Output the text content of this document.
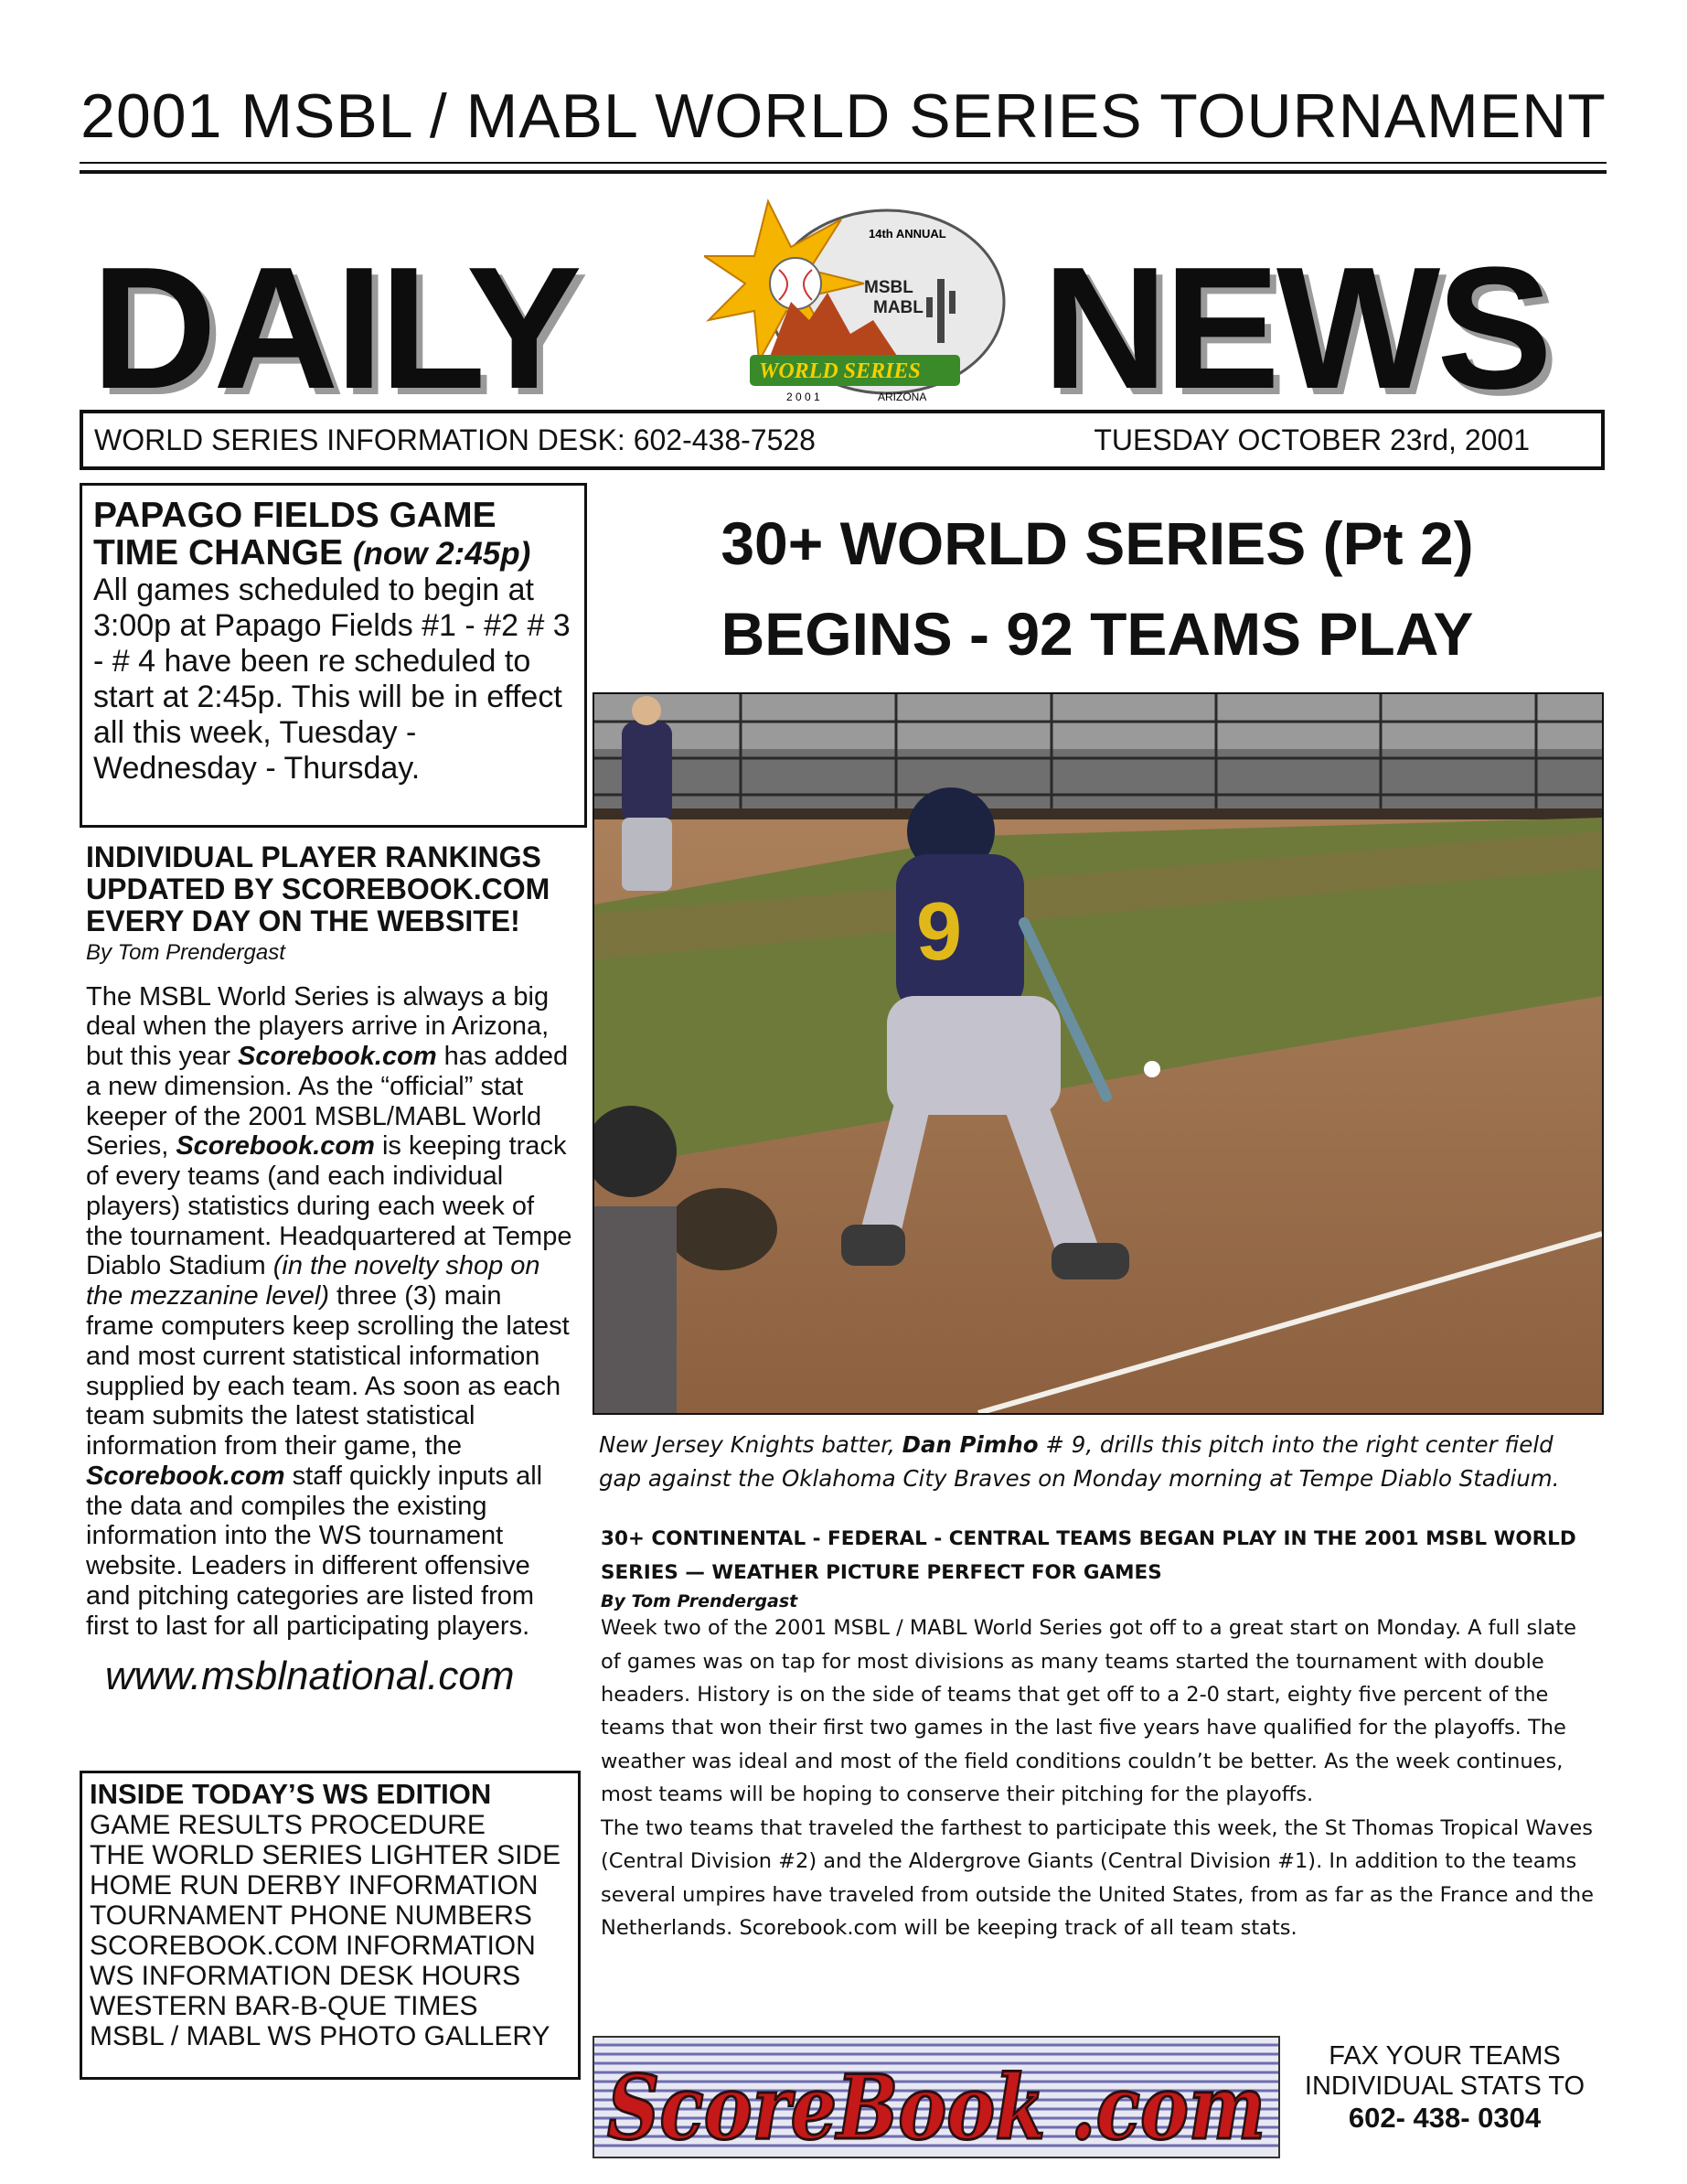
2001 MSBL / MABL WORLD SERIES TOURNAMENT
DAILY	NEWS
14th ANNUAL
MSBL
MABL
WORLD SERIES
2 0 0 1	ARIZONA
WORLD SERIES INFORMATION DESK: 602-438-7528	TUESDAY OCTOBER 23rd, 2001
PAPAGO FIELDS GAME TIME CHANGE (now 2:45p)
All games scheduled to begin at 3:00p at Papago Fields #1 - #2 # 3 - # 4 have been re scheduled to start at 2:45p. This will be in effect all this week, Tuesday - Wednesday - Thursday.
INDIVIDUAL PLAYER RANKINGS UPDATED BY SCOREBOOK.COM EVERY DAY ON THE WEBSITE!
By Tom Prendergast
The MSBL World Series is always a big deal when the players arrive in Arizona, but this year Scorebook.com has added a new dimension. As the “official” stat keeper of the 2001 MSBL/MABL World Series, Scorebook.com is keeping track of every teams (and each individual players) statistics during each week of the tournament. Headquartered at Tempe Diablo Stadium (in the novelty shop on the mezzanine level) three (3) main frame computers keep scrolling the latest and most current statistical information supplied by each team. As soon as each team submits the latest statistical information from their game, the Scorebook.com staff quickly inputs all the data and compiles the existing information into the WS tournament website. Leaders in different offensive and pitching categories are listed from first to last for all participating players.
www.msblnational.com
INSIDE TODAY’S WS EDITION
GAME RESULTS PROCEDURE
THE WORLD SERIES LIGHTER SIDE
HOME RUN DERBY INFORMATION
TOURNAMENT PHONE NUMBERS
SCOREBOOK.COM INFORMATION
WS INFORMATION DESK HOURS
WESTERN BAR-B-QUE TIMES
MSBL / MABL WS PHOTO GALLERY
30+ WORLD SERIES (Pt 2)
BEGINS - 92 TEAMS PLAY
9
New Jersey Knights batter, Dan Pimho # 9, drills this pitch into the right center field gap against the Oklahoma City Braves on Monday morning at Tempe Diablo Stadium.
30+ CONTINENTAL - FEDERAL - CENTRAL TEAMS BEGAN PLAY IN THE 2001 MSBL WORLD SERIES — WEATHER PICTURE PERFECT FOR GAMES
By Tom Prendergast
Week two of the 2001 MSBL / MABL World Series got off to a great start on Monday. A full slate of games was on tap for most divisions as many teams started the tournament with double headers. History is on the side of teams that get off to a 2-0 start, eighty five percent of the teams that won their first two games in the last five years have qualified for the playoffs. The weather was ideal and most of the field conditions couldn’t be better. As the week continues, most teams will be hoping to conserve their pitching for the playoffs.
The two teams that traveled the farthest to participate this week, the St Thomas Tropical Waves (Central Division #2) and the Aldergrove Giants (Central Division #1). In addition to the teams several umpires have traveled from outside the United States, from as far as the France and the Netherlands. Scorebook.com will be keeping track of all team stats.
ScoreBook .com	FAX YOUR TEAMS
INDIVIDUAL STATS TO
602- 438- 0304
